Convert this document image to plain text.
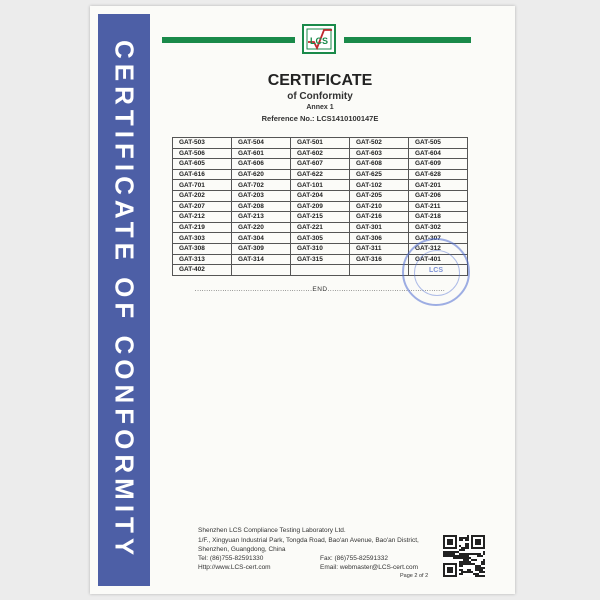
CERTIFICATE OF CONFORMITY	LCS
CERTIFICATE
of Conformity
Annex 1
Reference No.: LCS1410100147E
GAT-503	GAT-504	GAT-501	GAT-502	GAT-505
GAT-506	GAT-601	GAT-602	GAT-603	GAT-604
GAT-605	GAT-606	GAT-607	GAT-608	GAT-609
GAT-616	GAT-620	GAT-622	GAT-625	GAT-628
GAT-701	GAT-702	GAT-101	GAT-102	GAT-201
GAT-202	GAT-203	GAT-204	GAT-205	GAT-206
GAT-207	GAT-208	GAT-209	GAT-210	GAT-211
GAT-212	GAT-213	GAT-215	GAT-216	GAT-218
GAT-219	GAT-220	GAT-221	GAT-301	GAT-302
GAT-303	GAT-304	GAT-305	GAT-306	GAT-307
GAT-308	GAT-309	GAT-310	GAT-311	GAT-312
GAT-313	GAT-314	GAT-315	GAT-316	GAT-401
GAT-402				
...................................................END...................................................
LCS
Shenzhen LCS Compliance Testing Laboratory Ltd.
1/F., Xingyuan Industrial Park, Tongda Road, Bao'an Avenue, Bao'an District,
Shenzhen, Guangdong, China
Tel: (86)755-82591330	Fax: (86)755-82591332
Http://www.LCS-cert.com	Email: webmaster@LCS-cert.com
Page 2 of 2
